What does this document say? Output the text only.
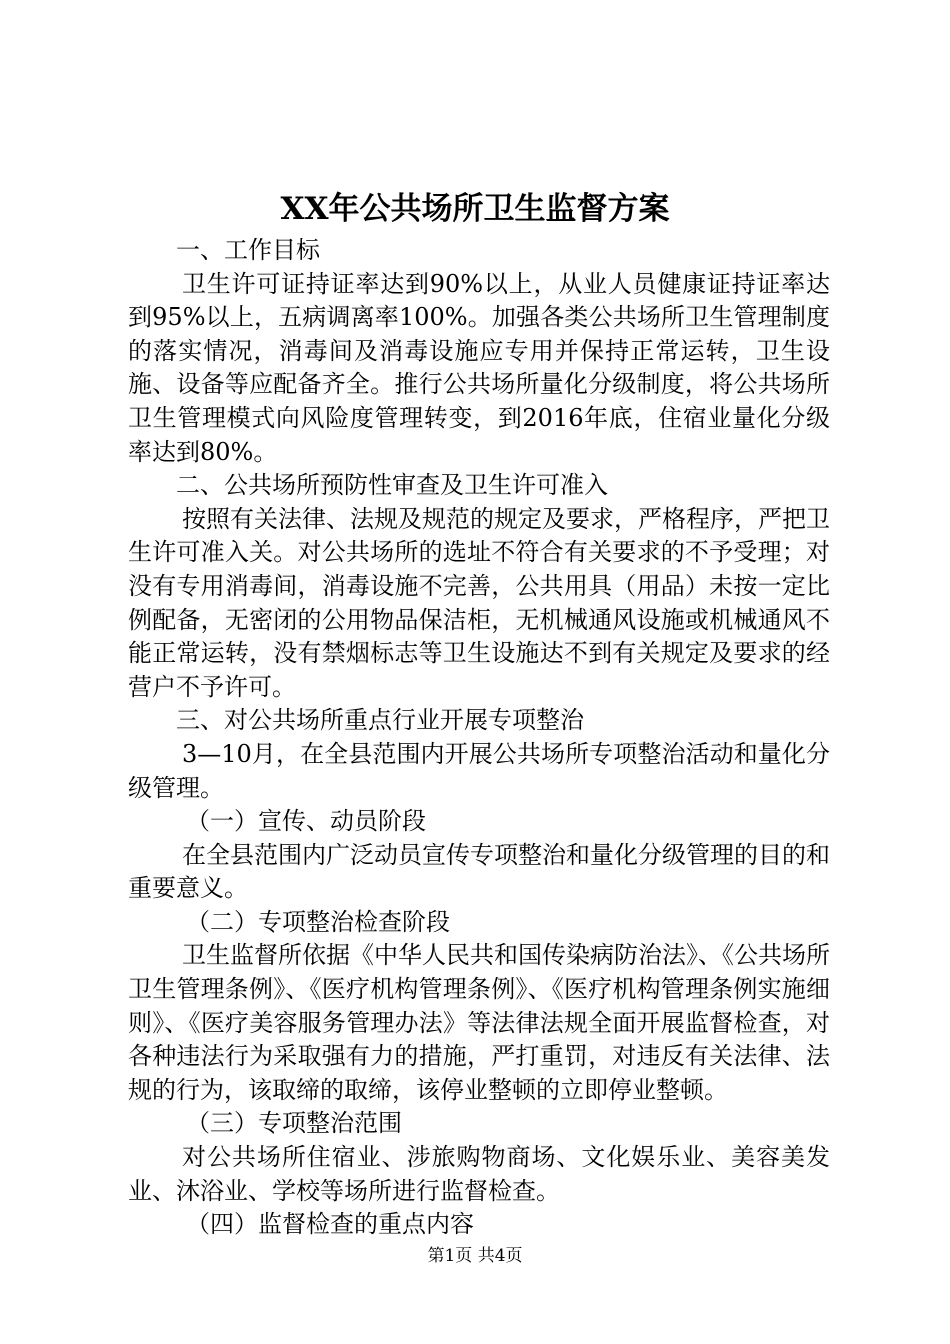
XX年公共场所卫生监督方案

一、工作目标

卫生许可证持证率达到90%以上，从业人员健康证持证率达到95%以上，五病调离率100%。加强各类公共场所卫生管理制度的落实情况，消毒间及消毒设施应专用并保持正常运转，卫生设施、设备等应配备齐全。推行公共场所量化分级制度，将公共场所卫生管理模式向风险度管理转变，到2016年底，住宿业量化分级率达到80%。

二、公共场所预防性审查及卫生许可准入

按照有关法律、法规及规范的规定及要求，严格程序，严把卫生许可准入关。对公共场所的选址不符合有关要求的不予受理；对没有专用消毒间，消毒设施不完善，公共用具（用品）未按一定比例配备，无密闭的公用物品保洁柜，无机械通风设施或机械通风不能正常运转，没有禁烟标志等卫生设施达不到有关规定及要求的经营户不予许可。

三、对公共场所重点行业开展专项整治

3—10月，在全县范围内开展公共场所专项整治活动和量化分级管理。

（一）宣传、动员阶段

在全县范围内广泛动员宣传专项整治和量化分级管理的目的和重要意义。

（二）专项整治检查阶段

卫生监督所依据《中华人民共和国传染病防治法》、《公共场所卫生管理条例》、《医疗机构管理条例》、《医疗机构管理条例实施细则》、《医疗美容服务管理办法》等法律法规全面开展监督检查，对各种违法行为采取强有力的措施，严打重罚，对违反有关法律、法规的行为，该取缔的取缔，该停业整顿的立即停业整顿。

（三）专项整治范围

对公共场所住宿业、涉旅购物商场、文化娱乐业、美容美发业、沐浴业、学校等场所进行监督检查。

（四）监督检查的重点内容

第1页 共4页
